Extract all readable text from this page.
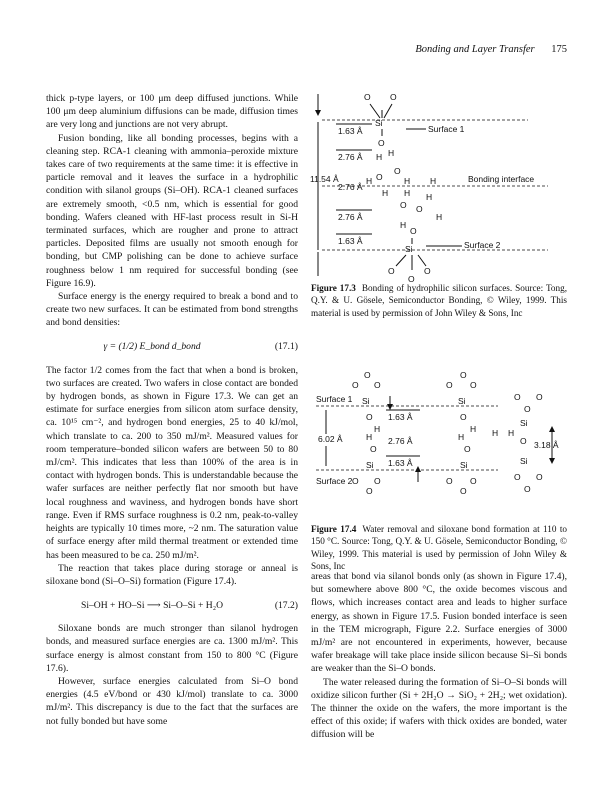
Bonding and Layer Transfer 175

thick p-type layers, or 100 μm deep diffused junctions. While 100 μm deep aluminium diffusions can be made, diffusion times are very long and junctions are not very abrupt.

Fusion bonding, like all bonding processes, begins with a cleaning step. RCA-1 cleaning with ammonia–peroxide mixture takes care of two requirements at the same time: it is effective in particle removal and it leaves the surface in a hydrophilic condition with silanol groups (Si–OH). RCA-1 cleaned surfaces are extremely smooth, <0.5 nm, which is essential for good bonding. Wafers cleaned with HF-last process result in Si-H terminated surfaces, which are rougher and prone to attract particles. Deposited films are usually not smooth enough for bonding, but CMP polishing can be done to achieve surface roughness below 1 nm required for successful bonding (see Figure 16.9).

Surface energy is the energy required to break a bond and to create two new surfaces. It can be estimated from bond strengths and bond densities:

γ = (1/2) E_bond d_bond	(17.1)

The factor 1/2 comes from the fact that when a bond is broken, two surfaces are created. Two wafers in close contact are bonded by hydrogen bonds, as shown in Figure 17.3. We can get an estimate for surface energies from silicon atom surface density, ca. 10¹⁵ cm⁻², and hydrogen bond energies, 25 to 40 kJ/mol, which translate to ca. 200 to 350 mJ/m². Measured values for room temperature–bonded silicon wafers are between 50 to 80 mJ/cm². This indicates that less than 100% of the area is in contact with hydrogen bonds. This is understandable because the wafer surfaces are neither perfectly flat nor smooth but have local roughness and waviness, and hydrogen bonds have short range. Even if RMS surface roughness is 0.2 nm, peak-to-valley heights are typically 10 times more, ~2 nm. The saturation value of surface energy after mild thermal treatment or extended time has been measured to be ca. 250 mJ/m².

The reaction that takes place during storage or anneal is siloxane bond (Si–O–Si) formation (Figure 17.4).

Si–OH + HO–Si ⟶ Si–O–Si + H₂O	(17.2)

Siloxane bonds are much stronger than silanol hydrogen bonds, and measured surface energies are ca. 1300 mJ/m². This surface energy is almost constant from 150 to 800 °C (Figure 17.6).

However, surface energies calculated from Si–O bond energies (4.5 eV/bond or 430 kJ/mol) translate to ca. 3000 mJ/m². This discrepancy is due to the fact that the surfaces are not fully bonded but have some

O O
Si
1.63 Å	Surface 1
O
H
2.76 Å H
O
11.54 Å
2.76 Å
H O	H H	Bonding interface
H H H
O O
H
2.76 Å
H
O
1.63 Å
Si	Surface 2
O	O
O
Figure 17.3 Bonding of hydrophilic silicon surfaces. Source: Tong, Q.Y. & U. Gösele, Semiconductor Bonding, © Wiley, 1999. This material is used by permission of John Wiley & Sons, Inc
O
O O
O
O O
Surface 1 Si	Si
1.63 Å
O	O
H	H
H	H
6.02 Å	2.76 Å
O	O
1.63 Å
Si	Si
Surface 2 O O
O
O O
O
O O
O
Si
H H
O 3.18 Å
Si
O O
O
Figure 17.4 Water removal and siloxane bond formation at 110 to 150 °C. Source: Tong, Q.Y. & U. Gösele, Semiconductor Bonding, © Wiley, 1999. This material is used by permission of John Wiley & Sons, Inc

areas that bond via silanol bonds only (as shown in Figure 17.4), but somewhere above 800 °C, the oxide becomes viscous and flows, which increases contact area and leads to higher surface energy, as shown in Figure 17.5. Fusion bonded interface is seen in the TEM micrograph, Figure 2.2. Surface energies of 3000 mJ/m² are not encountered in experiments, however, because wafer breakage will take place inside silicon because Si–Si bonds are weaker than the Si–O bonds.

The water released during the formation of Si–O–Si bonds will oxidize silicon further (Si + 2H₂O → SiO₂ + 2H₂; wet oxidation). The thinner the oxide on the wafers, the more important is the effect of this oxide; if wafers with thick oxides are bonded, water diffusion will be
